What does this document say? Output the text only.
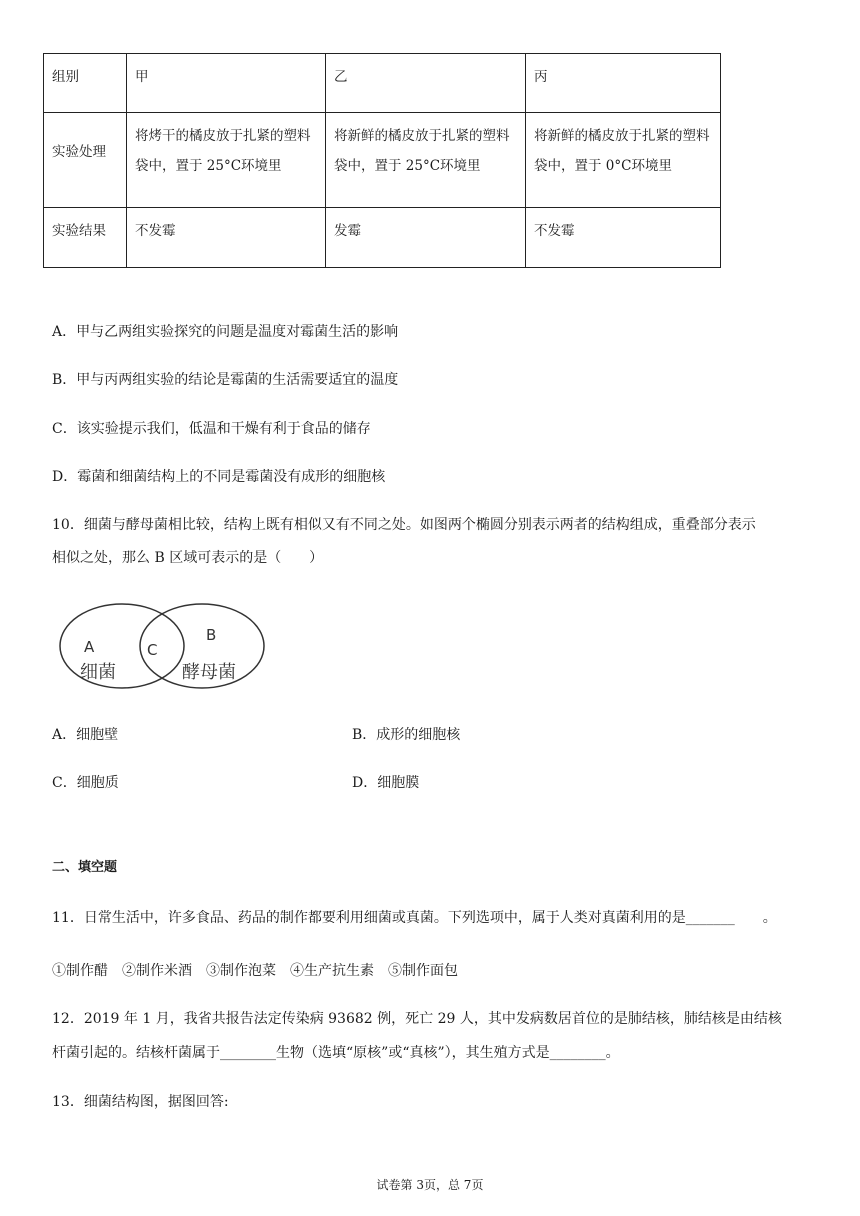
组别	甲	乙	丙
实验处理	将烤干的橘皮放于扎紧的塑料袋中，置于 25°C环境里	将新鲜的橘皮放于扎紧的塑料袋中，置于 25°C环境里	将新鲜的橘皮放于扎紧的塑料袋中，置于 0°C环境里
实验结果	不发霉	发霉	不发霉
A．甲与乙两组实验探究的问题是温度对霉菌生活的影响
B．甲与丙两组实验的结论是霉菌的生活需要适宜的温度
C．该实验提示我们，低温和干燥有利于食品的储存
D．霉菌和细菌结构上的不同是霉菌没有成形的细胞核
10．细菌与酵母菌相比较，结构上既有相似又有不同之处。如图两个椭圆分别表示两者的结构组成，重叠部分表示
相似之处，那么 B 区域可表示的是（　　）
A
细菌
C
B
酵母菌
A．细胞壁	B．成形的细胞核
C．细胞质	D．细胞膜
二、填空题
11．日常生活中，许多食品、药品的制作都要利用细菌或真菌。下列选项中，属于人类对真菌利用的是_______　　。
①制作醋　②制作米酒　③制作泡菜　④生产抗生素　⑤制作面包
12．2019 年 1 月，我省共报告法定传染病 93682 例，死亡 29 人，其中发病数居首位的是肺结核，肺结核是由结核
杆菌引起的。结核杆菌属于________生物（选填“原核”或“真核”），其生殖方式是________。
13．细菌结构图，据图回答:
试卷第 3页，总 7页
